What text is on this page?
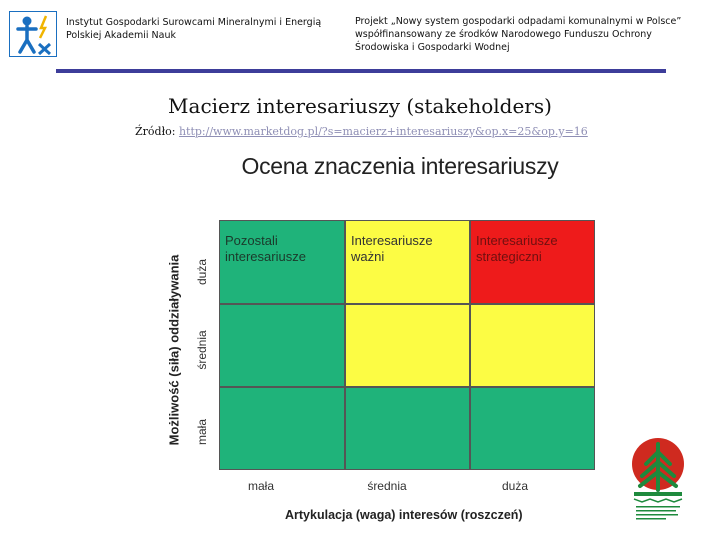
Instytut Gospodarki Surowcami Mineralnymi i Energią
Polskiej Akademii Nauk
Projekt „Nowy system gospodarki odpadami komunalnymi w Polsce”
współfinansowany ze środków Narodowego Funduszu Ochrony
Środowiska i Gospodarki Wodnej
Macierz interesariuszy (stakeholders)
Źródło: http://www.marketdog.pl/?s=macierz+interesariuszy&op.x=25&op.y=16
Ocena znaczenia interesariuszy
Pozostali
interesariusze
Interesariusze
ważni
Interesariusze
strategiczni
Możliwość (siła) oddziaływania duża
średnia
mała
mała	średnia	duża
Artykulacja (waga) interesów (roszczeń)
